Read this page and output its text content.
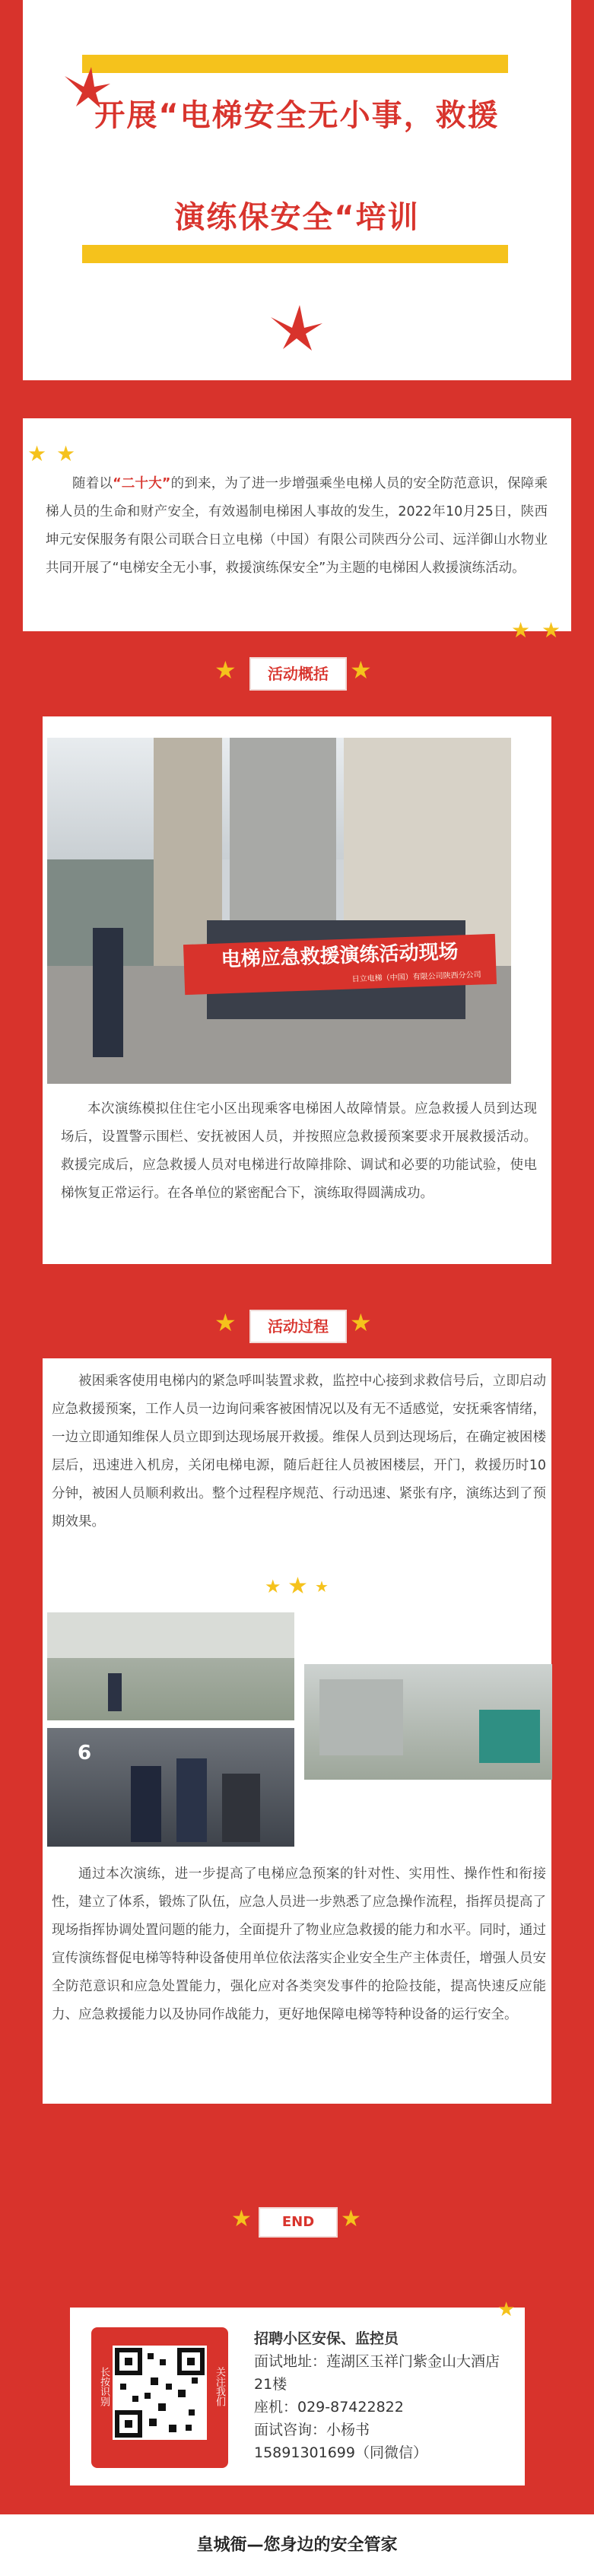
开展“电梯安全无小事，救援
演练保安全“培训
★ ★
★ ★

随着以“二十大”的到来，为了进一步增强乘坐电梯人员的安全防范意识，保障乘梯人员的生命和财产安全，有效遏制电梯困人事故的发生，2022年10月25日，陕西坤元安保服务有限公司联合日立电梯（中国）有限公司陕西分公司、远洋御山水物业共同开展了“电梯安全无小事，救援演练保安全”为主题的电梯困人救援演练活动。

★	活动概括 ★
电梯应急救援演练活动现场
日立电梯（中国）有限公司陕西分公司

本次演练模拟住住宅小区出现乘客电梯困人故障情景。应急救援人员到达现场后，设置警示围栏、安抚被困人员，并按照应急救援预案要求开展救援活动。救援完成后，应急救援人员对电梯进行故障排除、调试和必要的功能试验，使电梯恢复正常运行。在各单位的紧密配合下，演练取得圆满成功。

★	活动过程 ★

被困乘客使用电梯内的紧急呼叫装置求救，监控中心接到求救信号后，立即启动应急救援预案，工作人员一边询问乘客被困情况以及有无不适感觉，安抚乘客情绪，一边立即通知维保人员立即到达现场展开救援。维保人员到达现场后，在确定被困楼层后，迅速进入机房，关闭电梯电源，随后赶往人员被困楼层，开门，救援历时10分钟，被困人员顺利救出。整个过程程序规范、行动迅速、紧张有序，演练达到了预期效果。

★ ★ ★
6

通过本次演练，进一步提高了电梯应急预案的针对性、实用性、操作性和衔接性，建立了体系，锻炼了队伍，应急人员进一步熟悉了应急操作流程，指挥员提高了现场指挥协调处置问题的能力，全面提升了物业应急救援的能力和水平。同时，通过宣传演练督促电梯等特种设备使用单位依法落实企业安全生产主体责任，增强人员安全防范意识和应急处置能力，强化应对各类突发事件的抢险技能，提高快速反应能力、应急救援能力以及协同作战能力，更好地保障电梯等特种设备的运行安全。

★	END	★
★
长按识别	关注我们
招聘小区安保、监控员
面试地址：莲湖区玉祥门紫金山大酒店
21楼
座机：029-87422822
面试咨询：小杨书
15891301699（同微信）
皇城衙—您身边的安全管家
